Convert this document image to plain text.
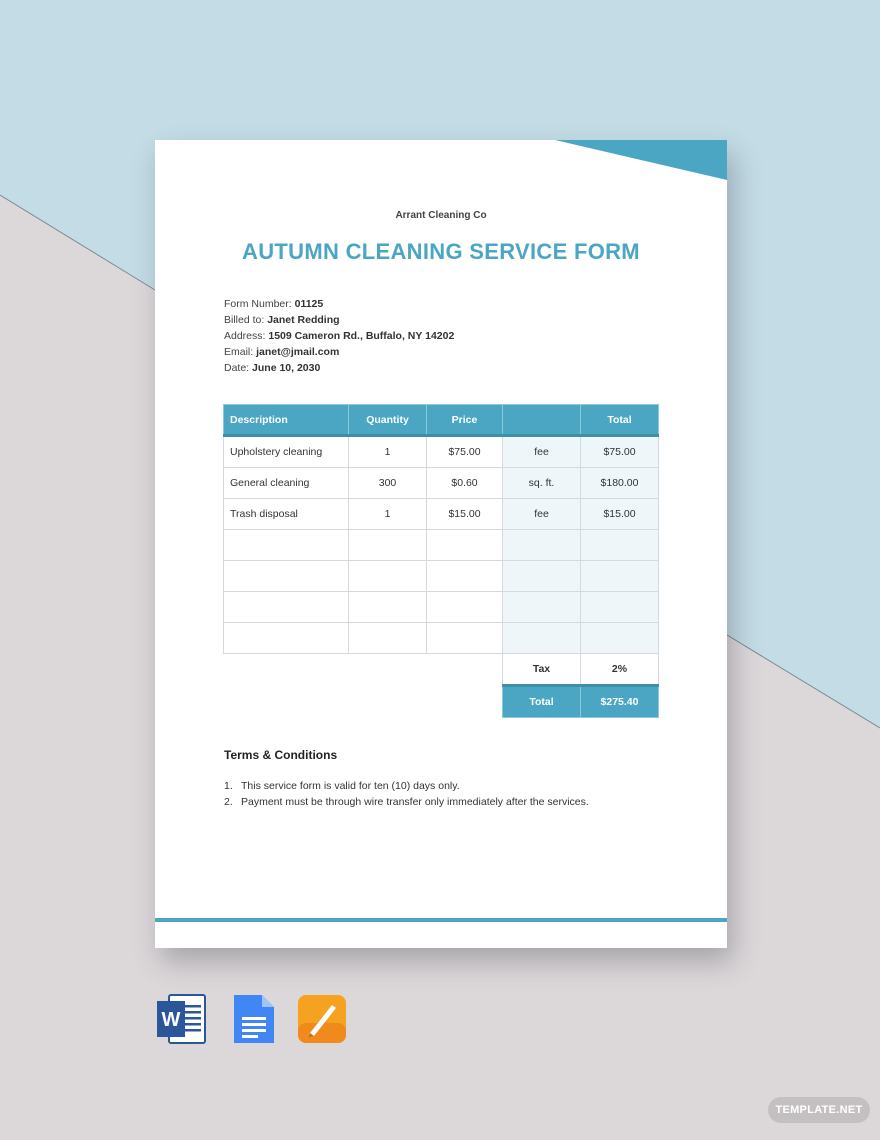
Arrant Cleaning Co
AUTUMN CLEANING SERVICE FORM
Form Number: 01125
Billed to: Janet Redding
Address: 1509 Cameron Rd., Buffalo, NY 14202
Email: janet@jmail.com
Date: June 10, 2030
Description	Quantity	Price		Total
Upholstery cleaning	1	$75.00	fee	$75.00
General cleaning	300	$0.60	sq. ft.	$180.00
Trash disposal	1	$15.00	fee	$15.00

			Tax	2%
			Total	$275.40
Terms & Conditions
1. This service form is valid for ten (10) days only.
2. Payment must be through wire transfer only immediately after the services.
W
TEMPLATE.NET
